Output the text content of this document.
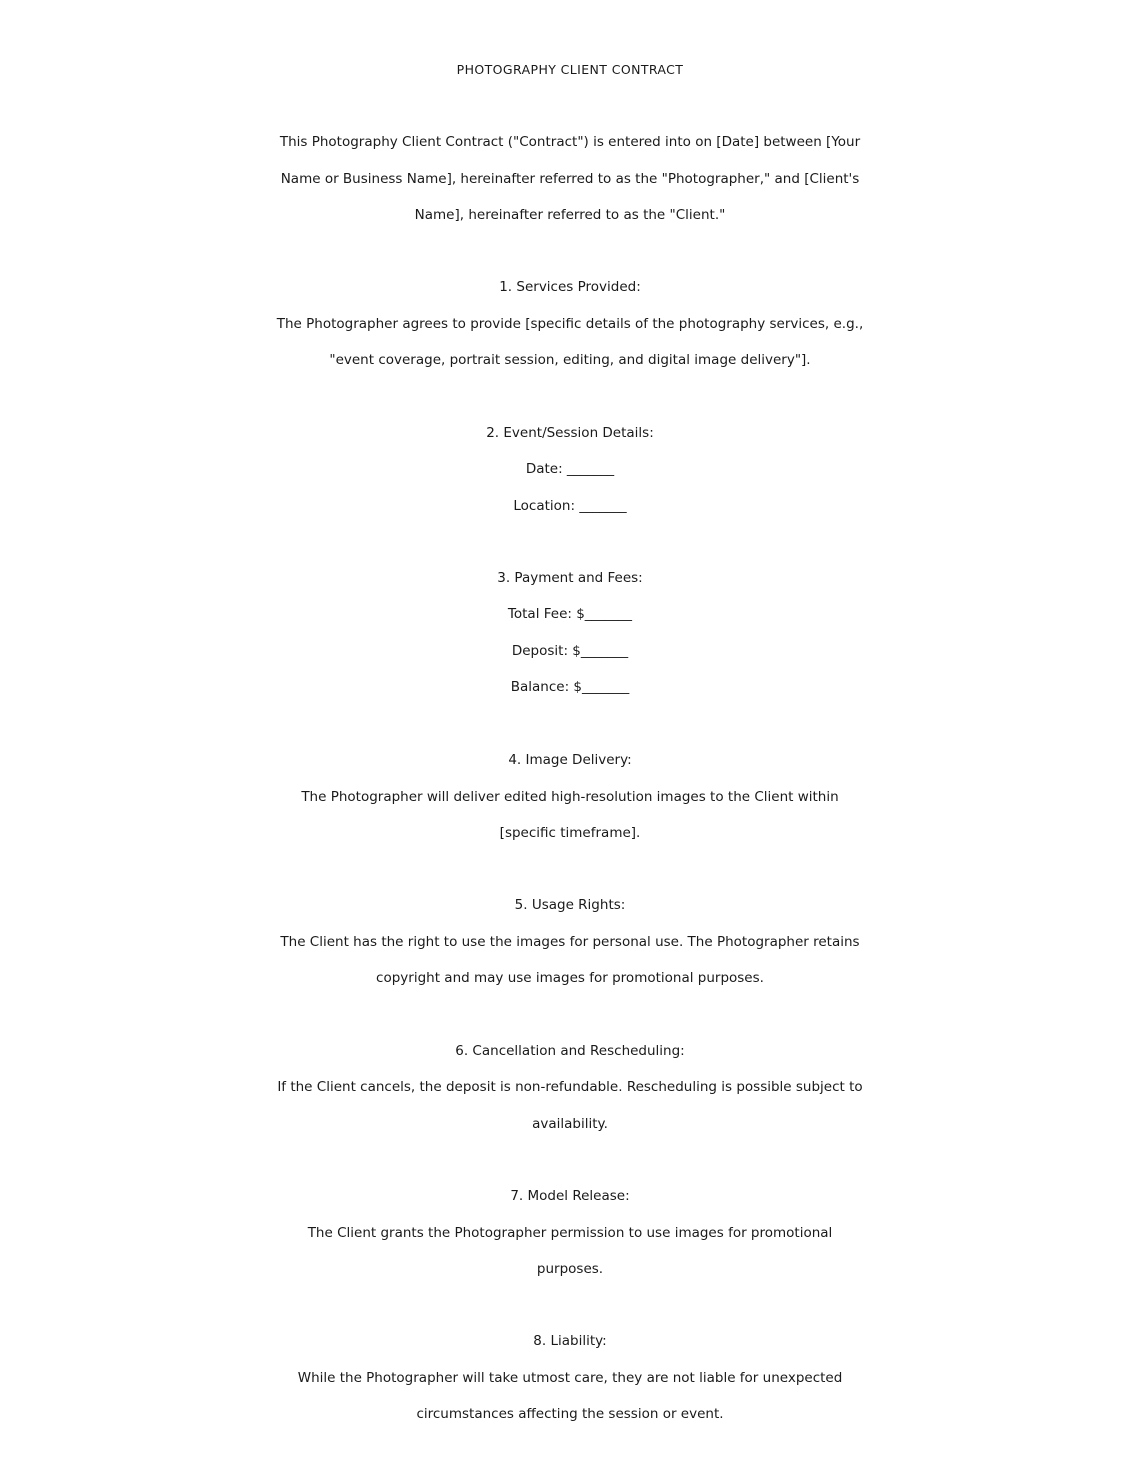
PHOTOGRAPHY CLIENT CONTRACT
This Photography Client Contract ("Contract") is entered into on [Date] between [Your
Name or Business Name], hereinafter referred to as the "Photographer," and [Client's
Name], hereinafter referred to as the "Client."
1. Services Provided:
The Photographer agrees to provide [specific details of the photography services, e.g.,
"event coverage, portrait session, editing, and digital image delivery"].
2. Event/Session Details:
Date: _______
Location: _______
3. Payment and Fees:
Total Fee: $_______
Deposit: $_______
Balance: $_______
4. Image Delivery:
The Photographer will deliver edited high-resolution images to the Client within
[specific timeframe].
5. Usage Rights:
The Client has the right to use the images for personal use. The Photographer retains
copyright and may use images for promotional purposes.
6. Cancellation and Rescheduling:
If the Client cancels, the deposit is non-refundable. Rescheduling is possible subject to
availability.
7. Model Release:
The Client grants the Photographer permission to use images for promotional
purposes.
8. Liability:
While the Photographer will take utmost care, they are not liable for unexpected
circumstances affecting the session or event.
